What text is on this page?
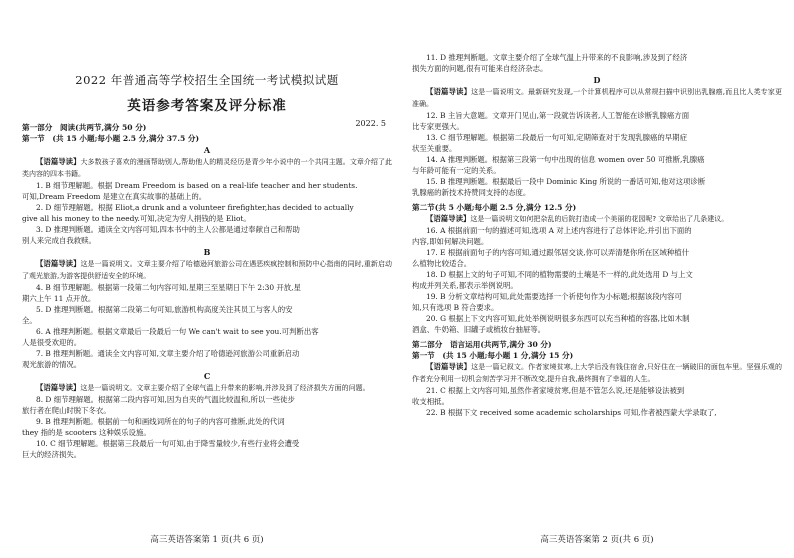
2022 年普通高等学校招生全国统一考试模拟试题
英语参考答案及评分标准
2022. 5

第一部分　阅读(共两节,满分 50 分)

第一节　(共 15 小题;每小题 2.5 分,满分 37.5 分)

A

【语篇导读】大多数孩子喜欢的漫画帮助别人,帮助他人的精灵经历是青少年小说中的一个共同主题。文章介绍了此类内容的四本书籍。

1. B 细节理解题。根据 Dream Freedom is based on a real-life teacher and her students.

可知,Dream Freedom 是建立在真实故事的基础上的。

2. D 细节理解题。根据 Eliot,a drunk and a volunteer firefighter,has decided to actually

give all his money to the needy.可知,决定为穷人捐钱的是 Eliot。

3. D 推理判断题。通读全文内容可知,四本书中的主人公都是通过奉献自己和帮助

别人来完成自我救赎。

B

【语篇导读】这是一篇说明文。文章主要介绍了哈德逊河旅游公司在遇恶疾疯控制和预防中心指南的同时,重新启动了观光旅游,为游客提供舒适安全的环境。

4. B 细节理解题。根据第一段第二句内容可知,星期三至星期日下午 2:30 开放,星

期六上午 11 点开放。

5. D 推理判断题。根据第二段第二句可知,旅游机构高度关注其员工与客人的安

全。

6. A 推理判断题。根据文章最后一段最后一句 We can't wait to see you.可判断出客

人是很受欢迎的。

7. B 推理判断题。通读全文内容可知,文章主要介绍了哈德逊河旅游公司重新启动

观光旅游的情况。

C

【语篇导读】这是一篇说明文。文章主要介绍了全球气温上升带来的影响,并涉及到了经济损失方面的问题。

8. D 细节理解题。根据第二段内容可知,因为自夹的气温比较温和,所以一些徒步

旅行者在爬山时脱下冬衣。

9. B 推理判断题。根据前一句和画线词所在的句子的内容可推断,此处的代词

they 指的是 scooters 这种娱乐设施。

10. C 细节理解题。根据第三段最后一句可知,由于降雪量较少,有些行业将会遭受

巨大的经济损失。

高三英语答案第 1 页(共 6 页)

11. D 推理判断题。文章主要介绍了全球气温上升带来的不良影响,涉及到了经济

损失方面的问题,很有可能来自经济杂志。

D

【语篇导读】这是一篇说明文。最新研究发现,一个计算机程序可以从常规扫描中识别出乳腺癌,而且比人类专家更准确。

12. B 主旨大意题。文章开门见山,第一段就告诉读者,人工智能在诊断乳腺癌方面

比专家更强大。

13. C 细节理解题。根据第二段最后一句可知,定期筛查对于发现乳腺癌的早期症

状至关重要。

14. A 推理判断题。根据第三段第一句中出现的信息 women over 50 可推断,乳腺癌

与年龄可能有一定的关系。

15. B 推理判断题。根据最后一段中 Dominic King 所说的一番话可知,他对这项诊断

乳腺癌的新技术持赞同支持的态度。

第二节(共 5 小题;每小题 2.5 分,满分 12.5 分)

【语篇导读】这是一篇说明文如何把杂乱的后院打造成一个美丽的花园呢? 文章给出了几条建议。

16. A 根据前面一句的描述可知,选项 A 对上述内容进行了总体评论,并引出下面的

内容,即如何解决问题。

17. E 根据前面句子的内容可知,通过跟邻居交谈,你可以弄清楚你所在区域种植什

么植物比较适合。

18. D 根据上文的句子可知,不同的植物需要的土壤是不一样的,此处选用 D 与上文

构成并列关系,都表示举例说明。

19. B 分析文章结构可知,此处需要选择一个祈使句作为小标题;根据该段内容可

知,只有选项 B 符合要求。

20. G 根据上下文内容可知,此处举例说明很多东西可以充当种植的容器,比如木制

酒盒、牛奶箱、旧罐子或梳妆台抽屉等。

第二部分　语言运用(共两节,满分 30 分)

第一节　(共 15 小题;每小题 1 分,满分 15 分)

【语篇导读】这是一篇记叙文。作者家境贫寒,上大学后没有钱住宿舍,只好住在一辆破旧的面包车里。坚强乐观的作者充分利用一切机会刻苦学习并不断改变,提升自我,最终拥有了幸福的人生。

21. C 根据上文内容可知,虽然作者家境贫寒,但是不管怎么说,还是能够设法被到

收支相抵。

22. B 根据下文 received some academic scholarships 可知,作者被西蒙大学录取了,

高三英语答案第 2 页(共 6 页)
